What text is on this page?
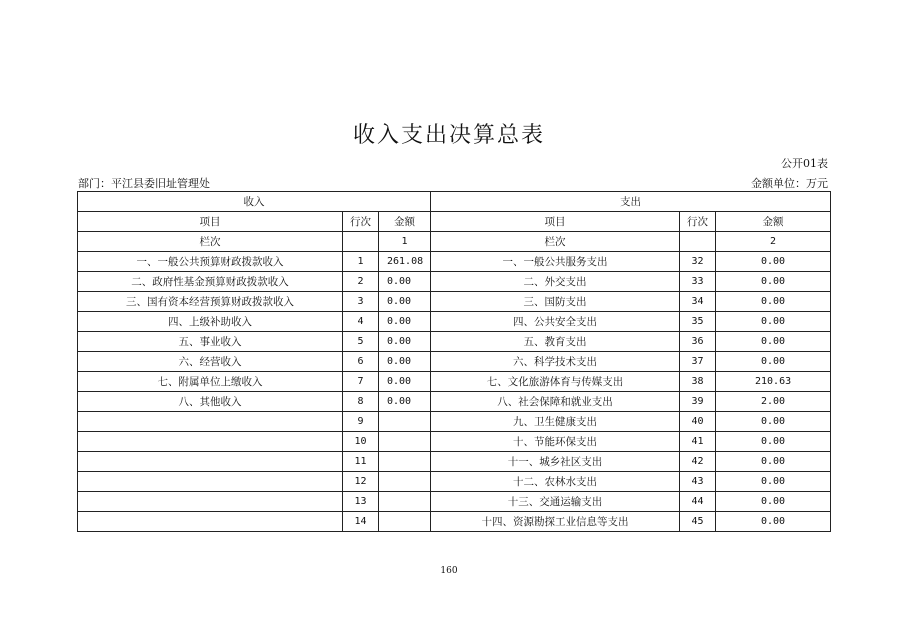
收入支出决算总表
公开01表
部门：平江县委旧址管理处	金额单位：万元
收入			支出		
项目	行次	金额	项目	行次	金额
栏次		1	栏次		2
一、一般公共预算财政拨款收入	1	261.08	一、一般公共服务支出	32	0.00
二、政府性基金预算财政拨款收入	2	0.00	二、外交支出	33	0.00
三、国有资本经营预算财政拨款收入	3	0.00	三、国防支出	34	0.00
四、上级补助收入	4	0.00	四、公共安全支出	35	0.00
五、事业收入	5	0.00	五、教育支出	36	0.00
六、经营收入	6	0.00	六、科学技术支出	37	0.00
七、附属单位上缴收入	7	0.00	七、文化旅游体育与传媒支出	38	210.63
八、其他收入	8	0.00	八、社会保障和就业支出	39	2.00
	9		九、卫生健康支出	40	0.00
	10		十、节能环保支出	41	0.00
	11		十一、城乡社区支出	42	0.00
	12		十二、农林水支出	43	0.00
	13		十三、交通运输支出	44	0.00
	14		十四、资源勘探工业信息等支出	45	0.00
160
